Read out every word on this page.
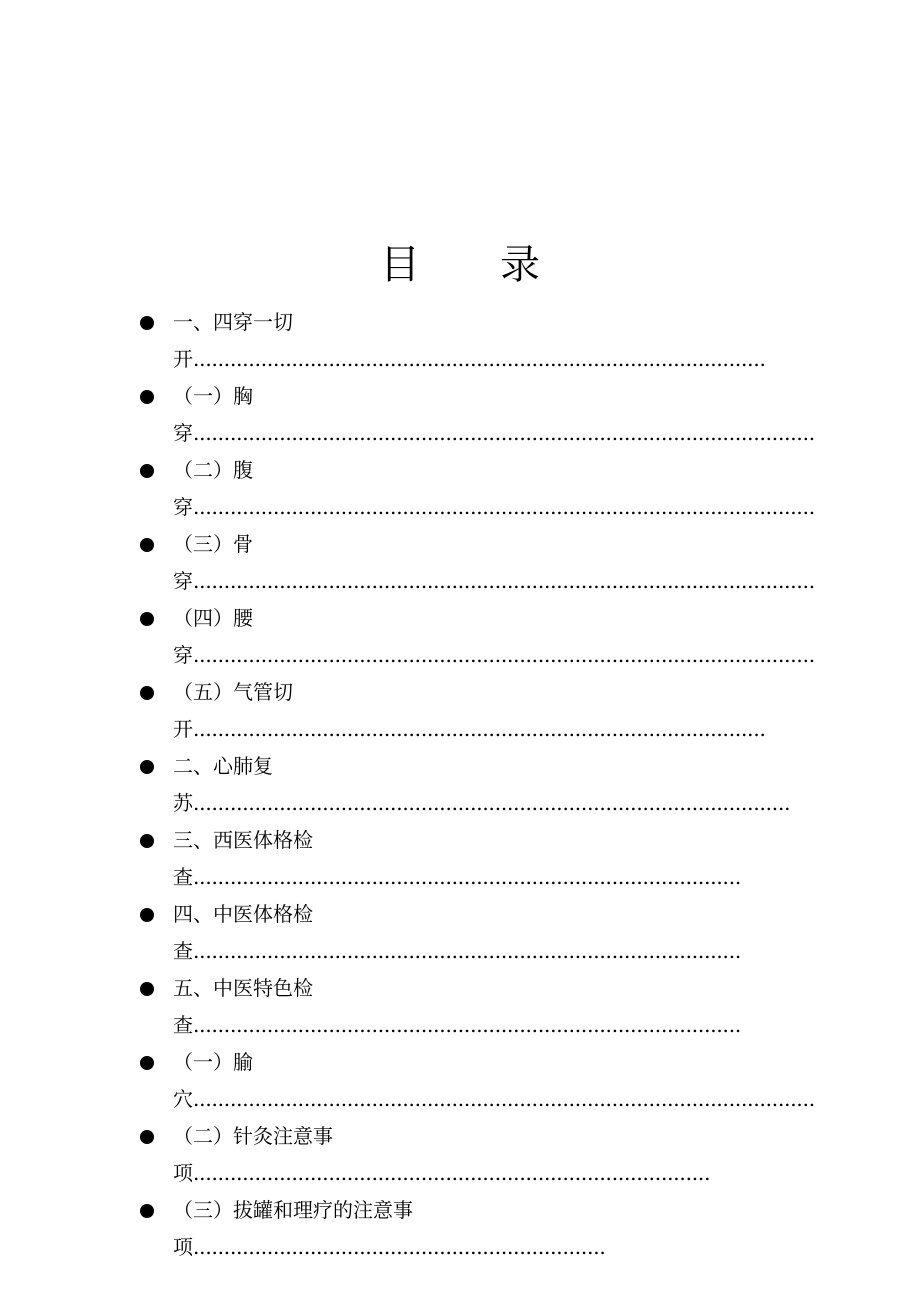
目 录
一、四穿一切
开.............................................................................................
（一）胸
穿.....................................................................................................
（二）腹
穿.....................................................................................................
（三）骨
穿.....................................................................................................
（四）腰
穿.....................................................................................................
（五）气管切
开.............................................................................................
二、心肺复
苏.................................................................................................
三、西医体格检
查.........................................................................................
四、中医体格检
查.........................................................................................
五、中医特色检
查.........................................................................................
（一）腧
穴.....................................................................................................
（二）针灸注意事
项....................................................................................
（三）拔罐和理疗的注意事
项...................................................................
